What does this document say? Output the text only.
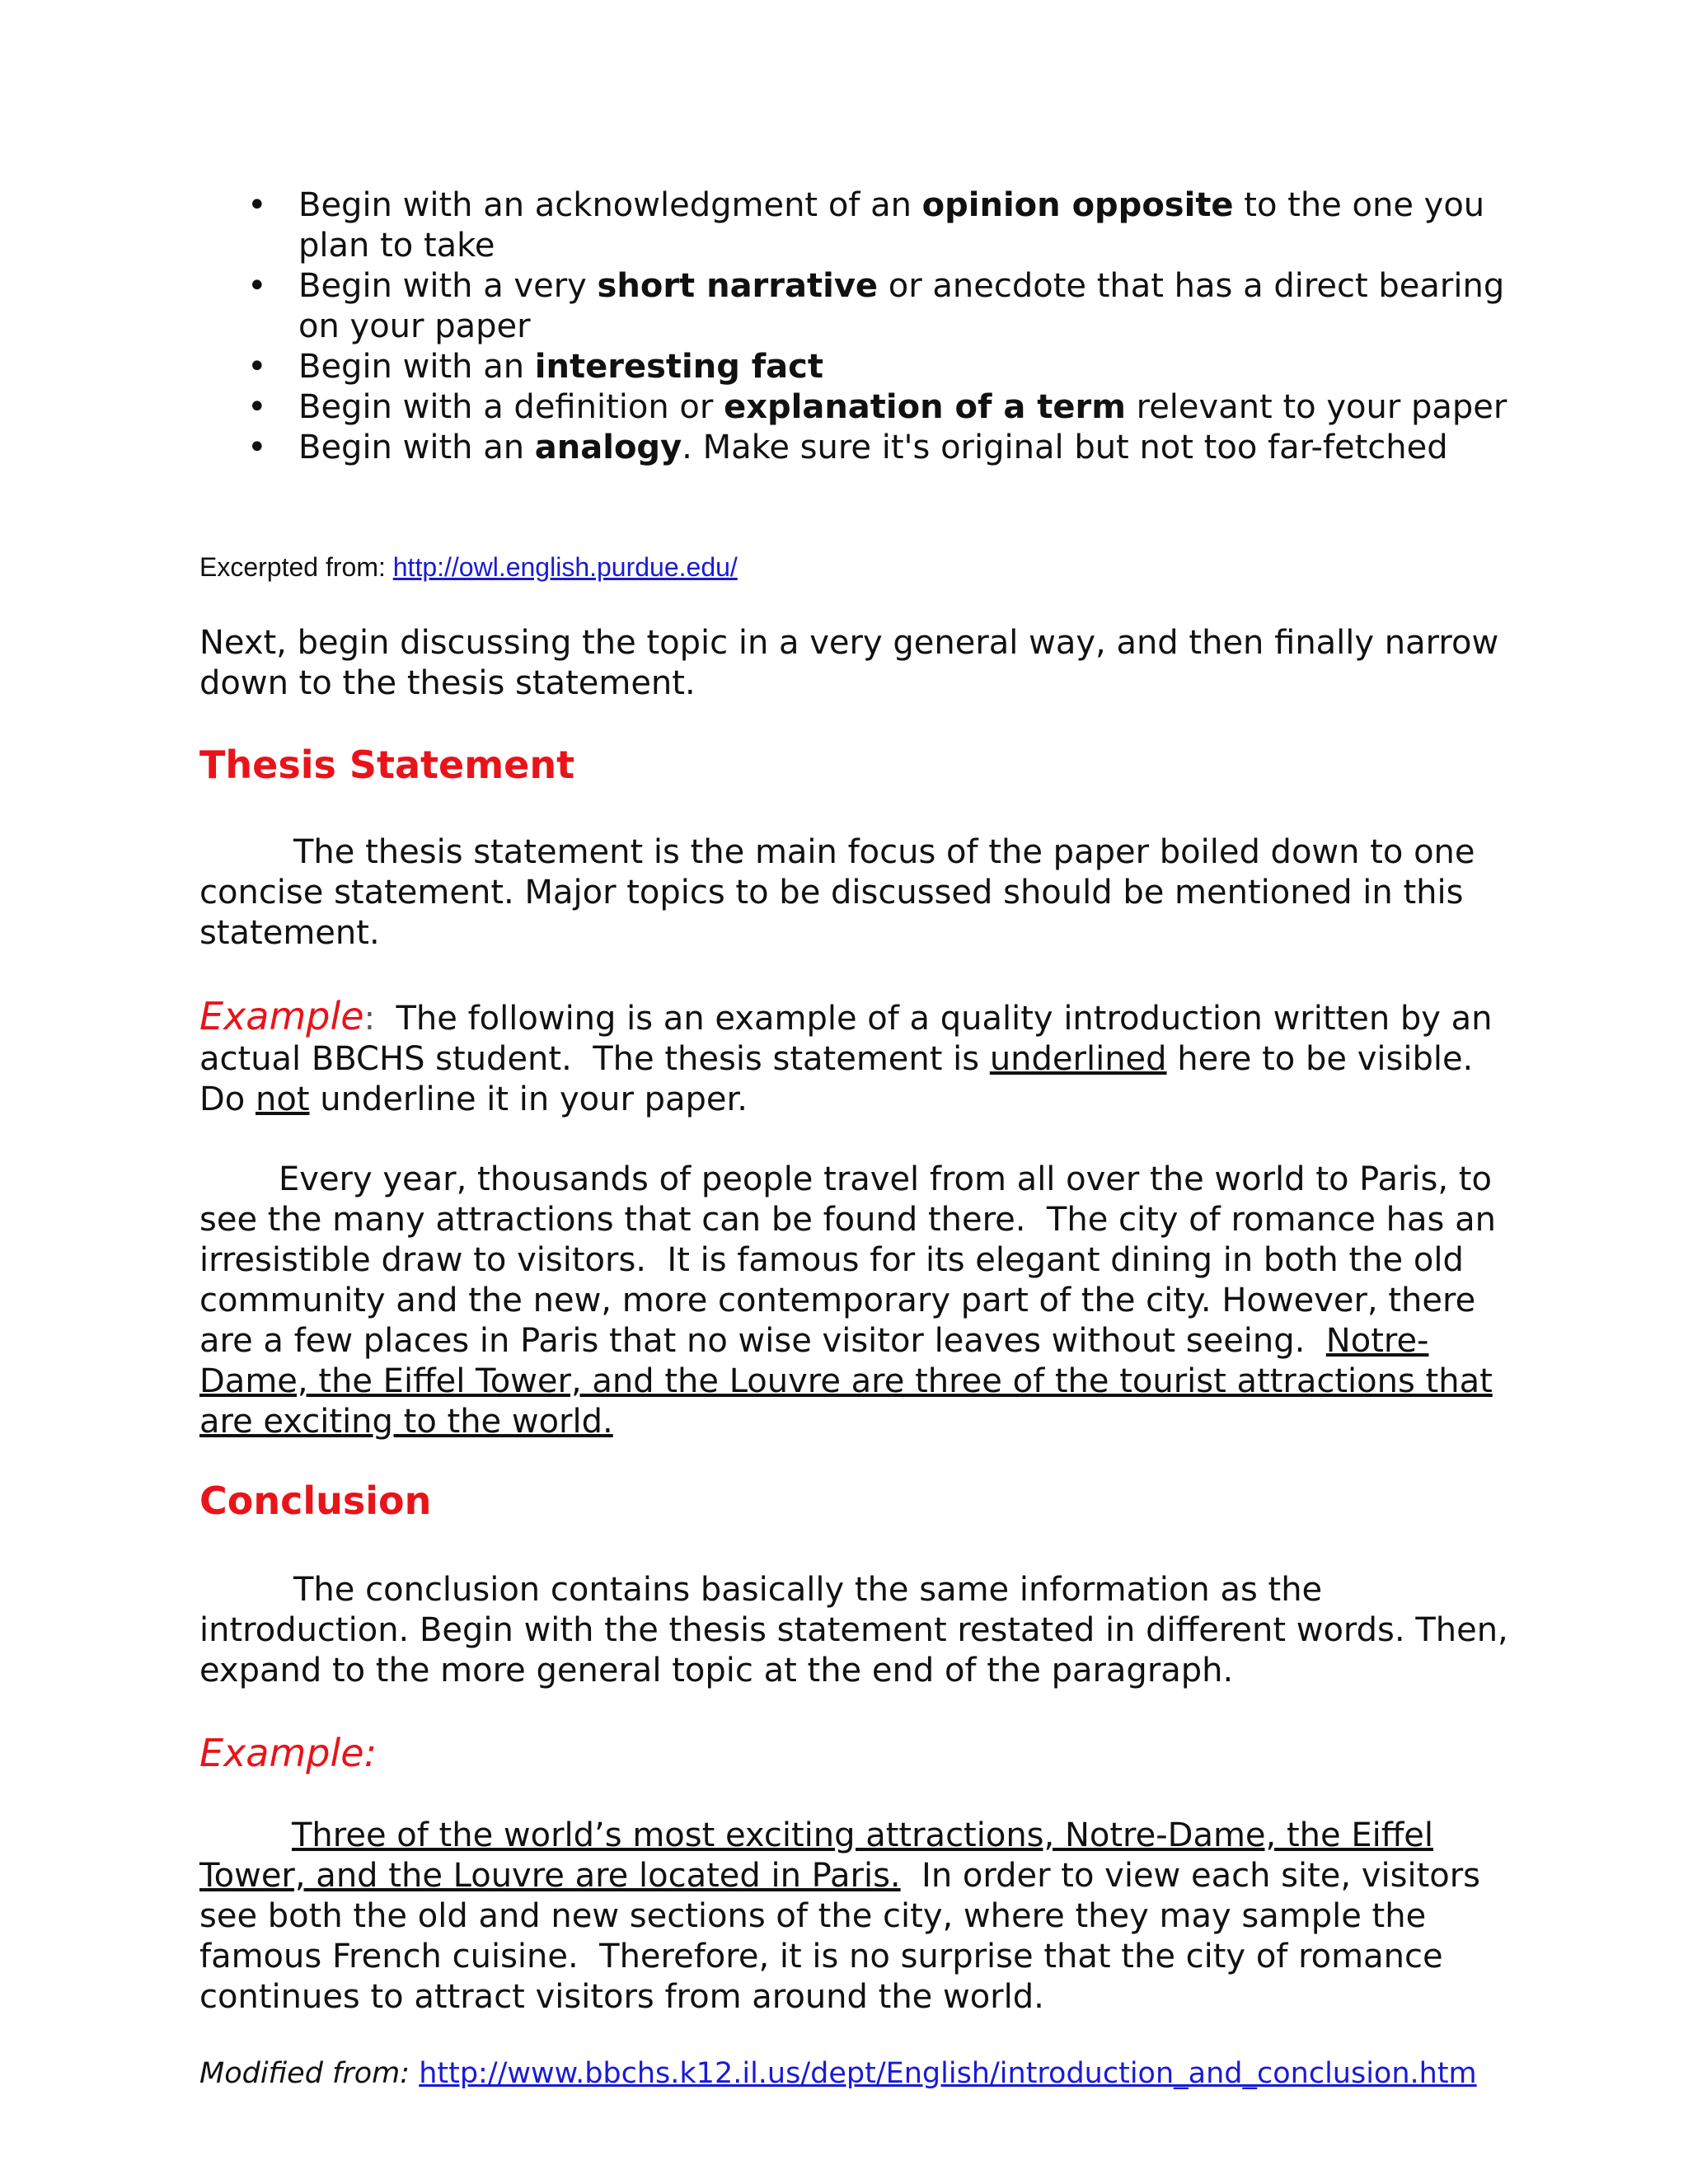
• Begin with an acknowledgment of an opinion opposite to the one you plan to take
• Begin with a very short narrative or anecdote that has a direct bearing on your paper
• Begin with an interesting fact
• Begin with a definition or explanation of a term relevant to your paper
• Begin with an analogy. Make sure it's original but not too far-fetched
Excerpted from: http://owl.english.purdue.edu/
Next, begin discussing the topic in a very general way, and then finally narrow down to the thesis statement.
Thesis Statement
The thesis statement is the main focus of the paper boiled down to one concise statement. Major topics to be discussed should be mentioned in this statement.
Example:  The following is an example of a quality introduction written by an actual BBCHS student.  The thesis statement is underlined here to be visible.  Do not underline it in your paper.
Every year, thousands of people travel from all over the world to Paris, to see the many attractions that can be found there.  The city of romance has an irresistible draw to visitors.  It is famous for its elegant dining in both the old community and the new, more contemporary part of the city. However, there are a few places in Paris that no wise visitor leaves without seeing.  Notre-Dame, the Eiffel Tower, and the Louvre are three of the tourist attractions that are exciting to the world.
Conclusion
The conclusion contains basically the same information as the introduction. Begin with the thesis statement restated in different words. Then, expand to the more general topic at the end of the paragraph.
Example:
Three of the world’s most exciting attractions, Notre-Dame, the Eiffel Tower, and the Louvre are located in Paris.  In order to view each site, visitors see both the old and new sections of the city, where they may sample the famous French cuisine.  Therefore, it is no surprise that the city of romance continues to attract visitors from around the world.
Modified from: http://www.bbchs.k12.il.us/dept/English/introduction_and_conclusion.htm
